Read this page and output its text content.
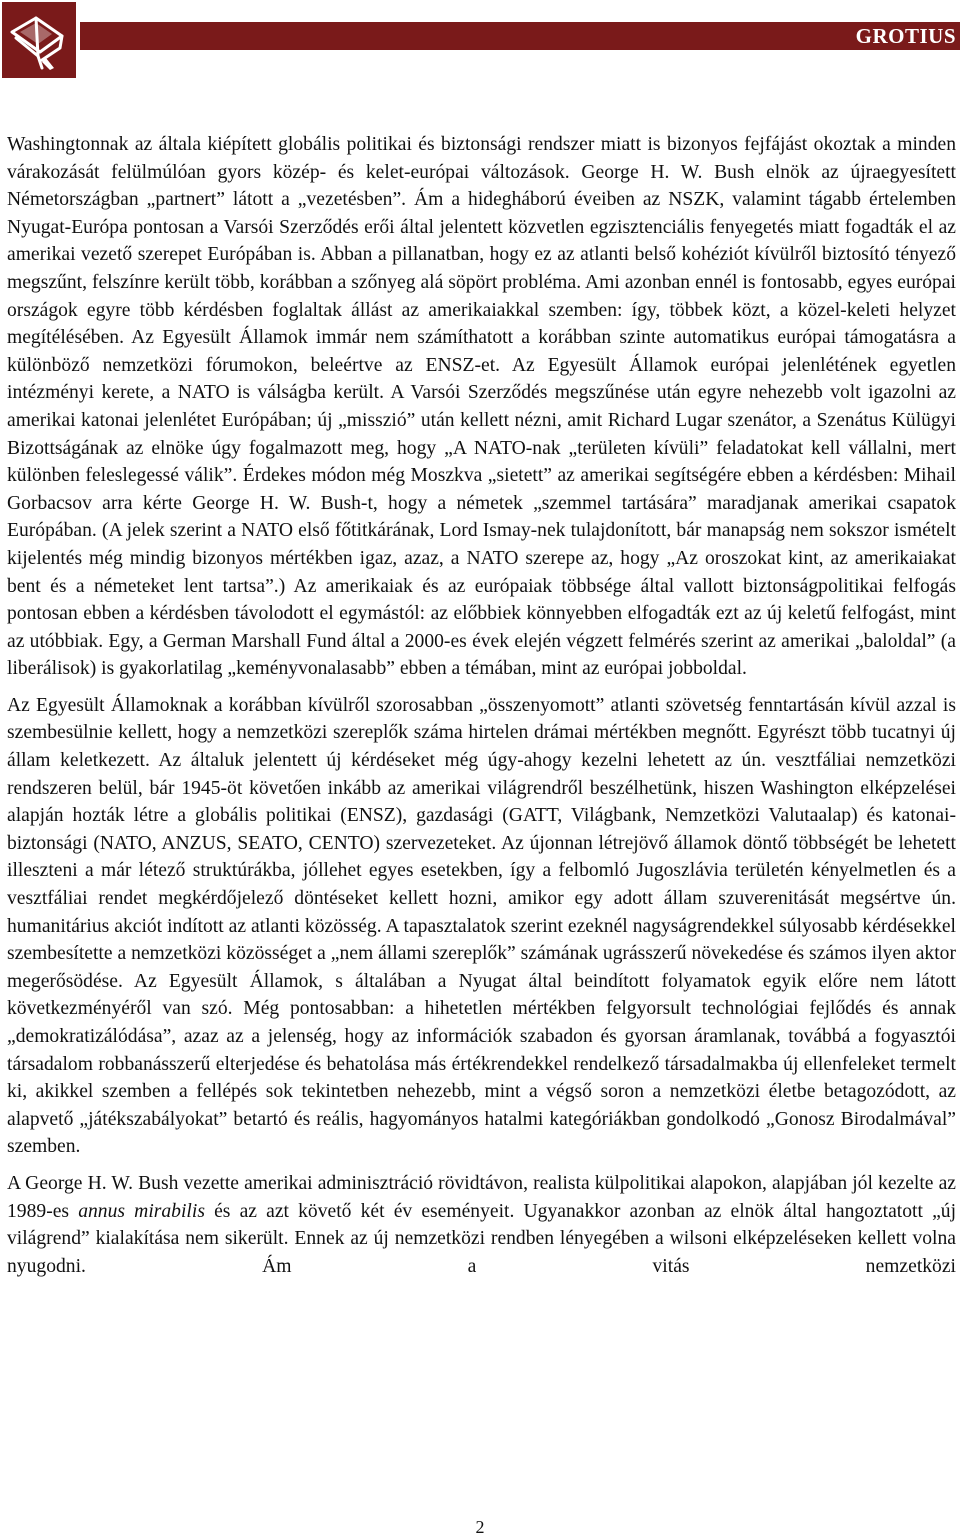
GROTIUS

Washingtonnak az általa kiépített globális politikai és biztonsági rendszer miatt is bizonyos fejfájást okoztak a minden várakozását felülmúlóan gyors közép- és kelet-európai változások. George H. W. Bush elnök az újraegyesített Németországban „partnert” látott a „vezetésben”. Ám a hidegháború éveiben az NSZK, valamint tágabb értelemben Nyugat-Európa pontosan a Varsói Szerződés erői által jelentett közvetlen egzisztenciális fenyegetés miatt fogadták el az amerikai vezető szerepet Európában is. Abban a pillanatban, hogy ez az atlanti belső kohéziót kívülről biztosító tényező megszűnt, felszínre került több, korábban a szőnyeg alá söpört probléma. Ami azonban ennél is fontosabb, egyes európai országok egyre több kérdésben foglaltak állást az amerikaiakkal szemben: így, többek közt, a közel-keleti helyzet megítélésében. Az Egyesült Államok immár nem számíthatott a korábban szinte automatikus európai támogatásra a különböző nemzetközi fórumokon, beleértve az ENSZ-et. Az Egyesült Államok európai jelenlétének egyetlen intézményi kerete, a NATO is válságba került. A Varsói Szerződés megszűnése után egyre nehezebb volt igazolni az amerikai katonai jelenlétet Európában; új „misszió” után kellett nézni, amit Richard Lugar szenátor, a Szenátus Külügyi Bizottságának az elnöke úgy fogalmazott meg, hogy „A NATO-nak „területen kívüli” feladatokat kell vállalni, mert különben feleslegessé válik”. Érdekes módon még Moszkva „sietett” az amerikai segítségére ebben a kérdésben: Mihail Gorbacsov arra kérte George H. W. Bush-t, hogy a németek „szemmel tartására” maradjanak amerikai csapatok Európában. (A jelek szerint a NATO első főtitkárának, Lord Ismay-nek tulajdonított, bár manapság nem sokszor ismételt kijelentés még mindig bizonyos mértékben igaz, azaz, a NATO szerepe az, hogy „Az oroszokat kint, az amerikaiakat bent és a németeket lent tartsa”.) Az amerikaiak és az európaiak többsége által vallott biztonságpolitikai felfogás pontosan ebben a kérdésben távolodott el egymástól: az előbbiek könnyebben elfogadták ezt az új keletű felfogást, mint az utóbbiak. Egy, a German Marshall Fund által a 2000-es évek elején végzett felmérés szerint az amerikai „baloldal” (a liberálisok) is gyakorlatilag „keményvonalasabb” ebben a témában, mint az európai jobboldal.

Az Egyesült Államoknak a korábban kívülről szorosabban „összenyomott” atlanti szövetség fenntartásán kívül azzal is szembesülnie kellett, hogy a nemzetközi szereplők száma hirtelen drámai mértékben megnőtt. Egyrészt több tucatnyi új állam keletkezett. Az általuk jelentett új kérdéseket még úgy-ahogy kezelni lehetett az ún. vesztfáliai nemzetközi rendszeren belül, bár 1945-öt követően inkább az amerikai világrendről beszélhetünk, hiszen Washington elképzelései alapján hozták létre a globális politikai (ENSZ), gazdasági (GATT, Világbank, Nemzetközi Valutaalap) és katonai-biztonsági (NATO, ANZUS, SEATO, CENTO) szervezeteket. Az újonnan létrejövő államok döntő többségét be lehetett illeszteni a már létező struktúrákba, jóllehet egyes esetekben, így a felbomló Jugoszlávia területén kényelmetlen és a vesztfáliai rendet megkérdőjelező döntéseket kellett hozni, amikor egy adott állam szuverenitását megsértve ún. humanitárius akciót indított az atlanti közösség. A tapasztalatok szerint ezeknél nagyságrendekkel súlyosabb kérdésekkel szembesítette a nemzetközi közösséget a „nem állami szereplők” számának ugrásszerű növekedése és számos ilyen aktor megerősödése. Az Egyesült Államok, s általában a Nyugat által beindított folyamatok egyik előre nem látott következményéről van szó. Még pontosabban: a hihetetlen mértékben felgyorsult technológiai fejlődés és annak „demokratizálódása”, azaz az a jelenség, hogy az információk szabadon és gyorsan áramlanak, továbbá a fogyasztói társadalom robbanásszerű elterjedése és behatolása más értékrendekkel rendelkező társadalmakba új ellenfeleket termelt ki, akikkel szemben a fellépés sok tekintetben nehezebb, mint a végső soron a nemzetközi életbe betagozódott, az alapvető „játékszabályokat” betartó és reális, hagyományos hatalmi kategóriákban gondolkodó „Gonosz Birodalmával” szemben.

A George H. W. Bush vezette amerikai adminisztráció rövidtávon, realista külpolitikai alapokon, alapjában jól kezelte az 1989-es annus mirabilis és az azt követő két év eseményeit. Ugyanakkor azonban az elnök által hangoztatott „új világrend” kialakítása nem sikerült. Ennek az új nemzetközi rendben lényegében a wilsoni elképzeléseken kellett volna nyugodni. Ám a vitás nemzetközi

2
